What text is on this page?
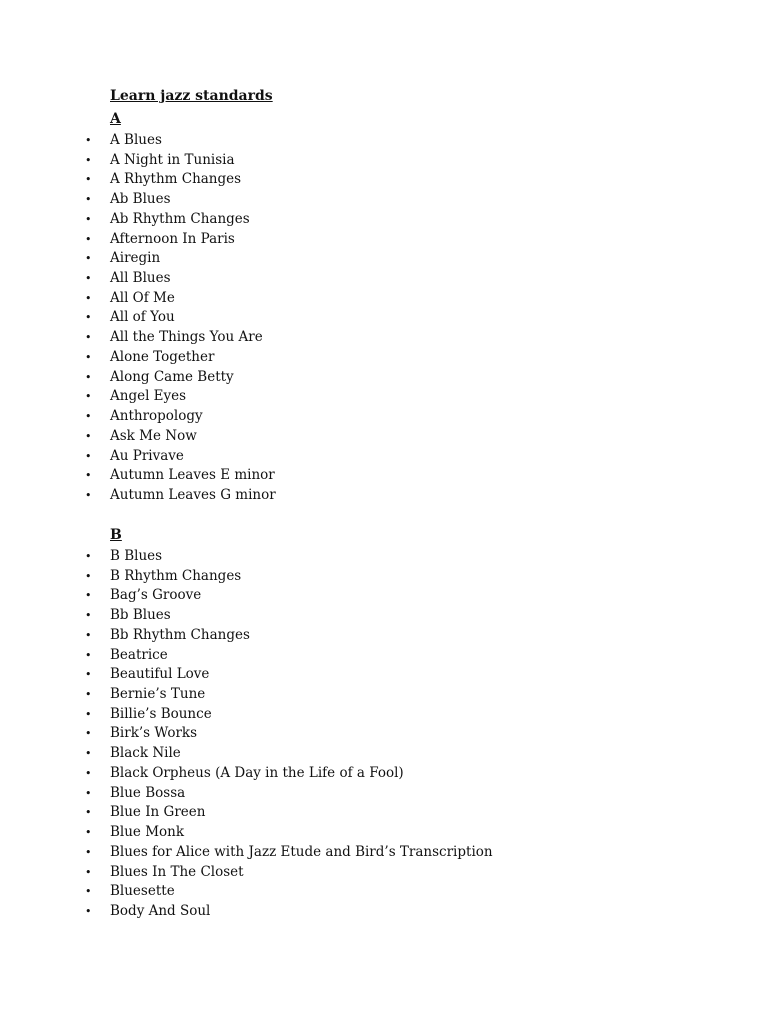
Learn jazz standards
A
• A Blues
• A Night in Tunisia
• A Rhythm Changes
• Ab Blues
• Ab Rhythm Changes
• Afternoon In Paris
• Airegin
• All Blues
• All Of Me
• All of You
• All the Things You Are
• Alone Together
• Along Came Betty
• Angel Eyes
• Anthropology
• Ask Me Now
• Au Privave
• Autumn Leaves E minor
• Autumn Leaves G minor
B
• B Blues
• B Rhythm Changes
• Bag’s Groove
• Bb Blues
• Bb Rhythm Changes
• Beatrice
• Beautiful Love
• Bernie’s Tune
• Billie’s Bounce
• Birk’s Works
• Black Nile
• Black Orpheus (A Day in the Life of a Fool)
• Blue Bossa
• Blue In Green
• Blue Monk
• Blues for Alice with Jazz Etude and Bird’s Transcription
• Blues In The Closet
• Bluesette
• Body And Soul
